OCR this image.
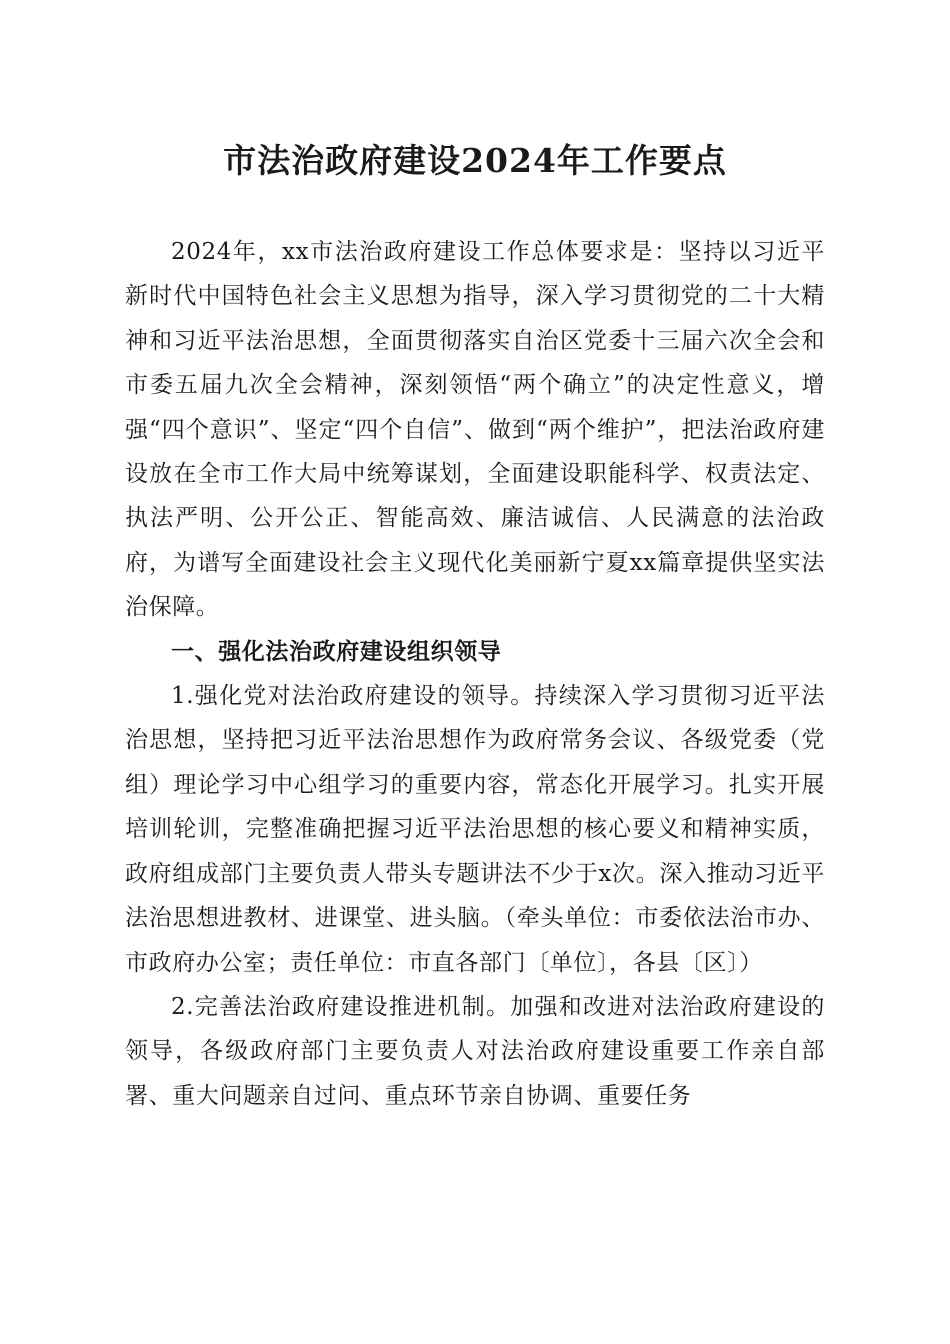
市法治政府建设2024年工作要点

2024年，xx市法治政府建设工作总体要求是：坚持以习近平新时代中国特色社会主义思想为指导，深入学习贯彻党的二十大精神和习近平法治思想，全面贯彻落实自治区党委十三届六次全会和市委五届九次全会精神，深刻领悟“两个确立”的决定性意义，增强“四个意识”、坚定“四个自信”、做到“两个维护”，把法治政府建设放在全市工作大局中统筹谋划，全面建设职能科学、权责法定、执法严明、公开公正、智能高效、廉洁诚信、人民满意的法治政府，为谱写全面建设社会主义现代化美丽新宁夏xx篇章提供坚实法治保障。

一、强化法治政府建设组织领导

1.强化党对法治政府建设的领导。持续深入学习贯彻习近平法治思想，坚持把习近平法治思想作为政府常务会议、各级党委（党组）理论学习中心组学习的重要内容，常态化开展学习。扎实开展培训轮训，完整准确把握习近平法治思想的核心要义和精神实质，政府组成部门主要负责人带头专题讲法不少于x次。深入推动习近平法治思想进教材、进课堂、进头脑。（牵头单位：市委依法治市办、市政府办公室；责任单位：市直各部门〔单位〕，各县〔区〕）

2.完善法治政府建设推进机制。加强和改进对法治政府建设的领导，各级政府部门主要负责人对法治政府建设重要工作亲自部署、重大问题亲自过问、重点环节亲自协调、重要任务
